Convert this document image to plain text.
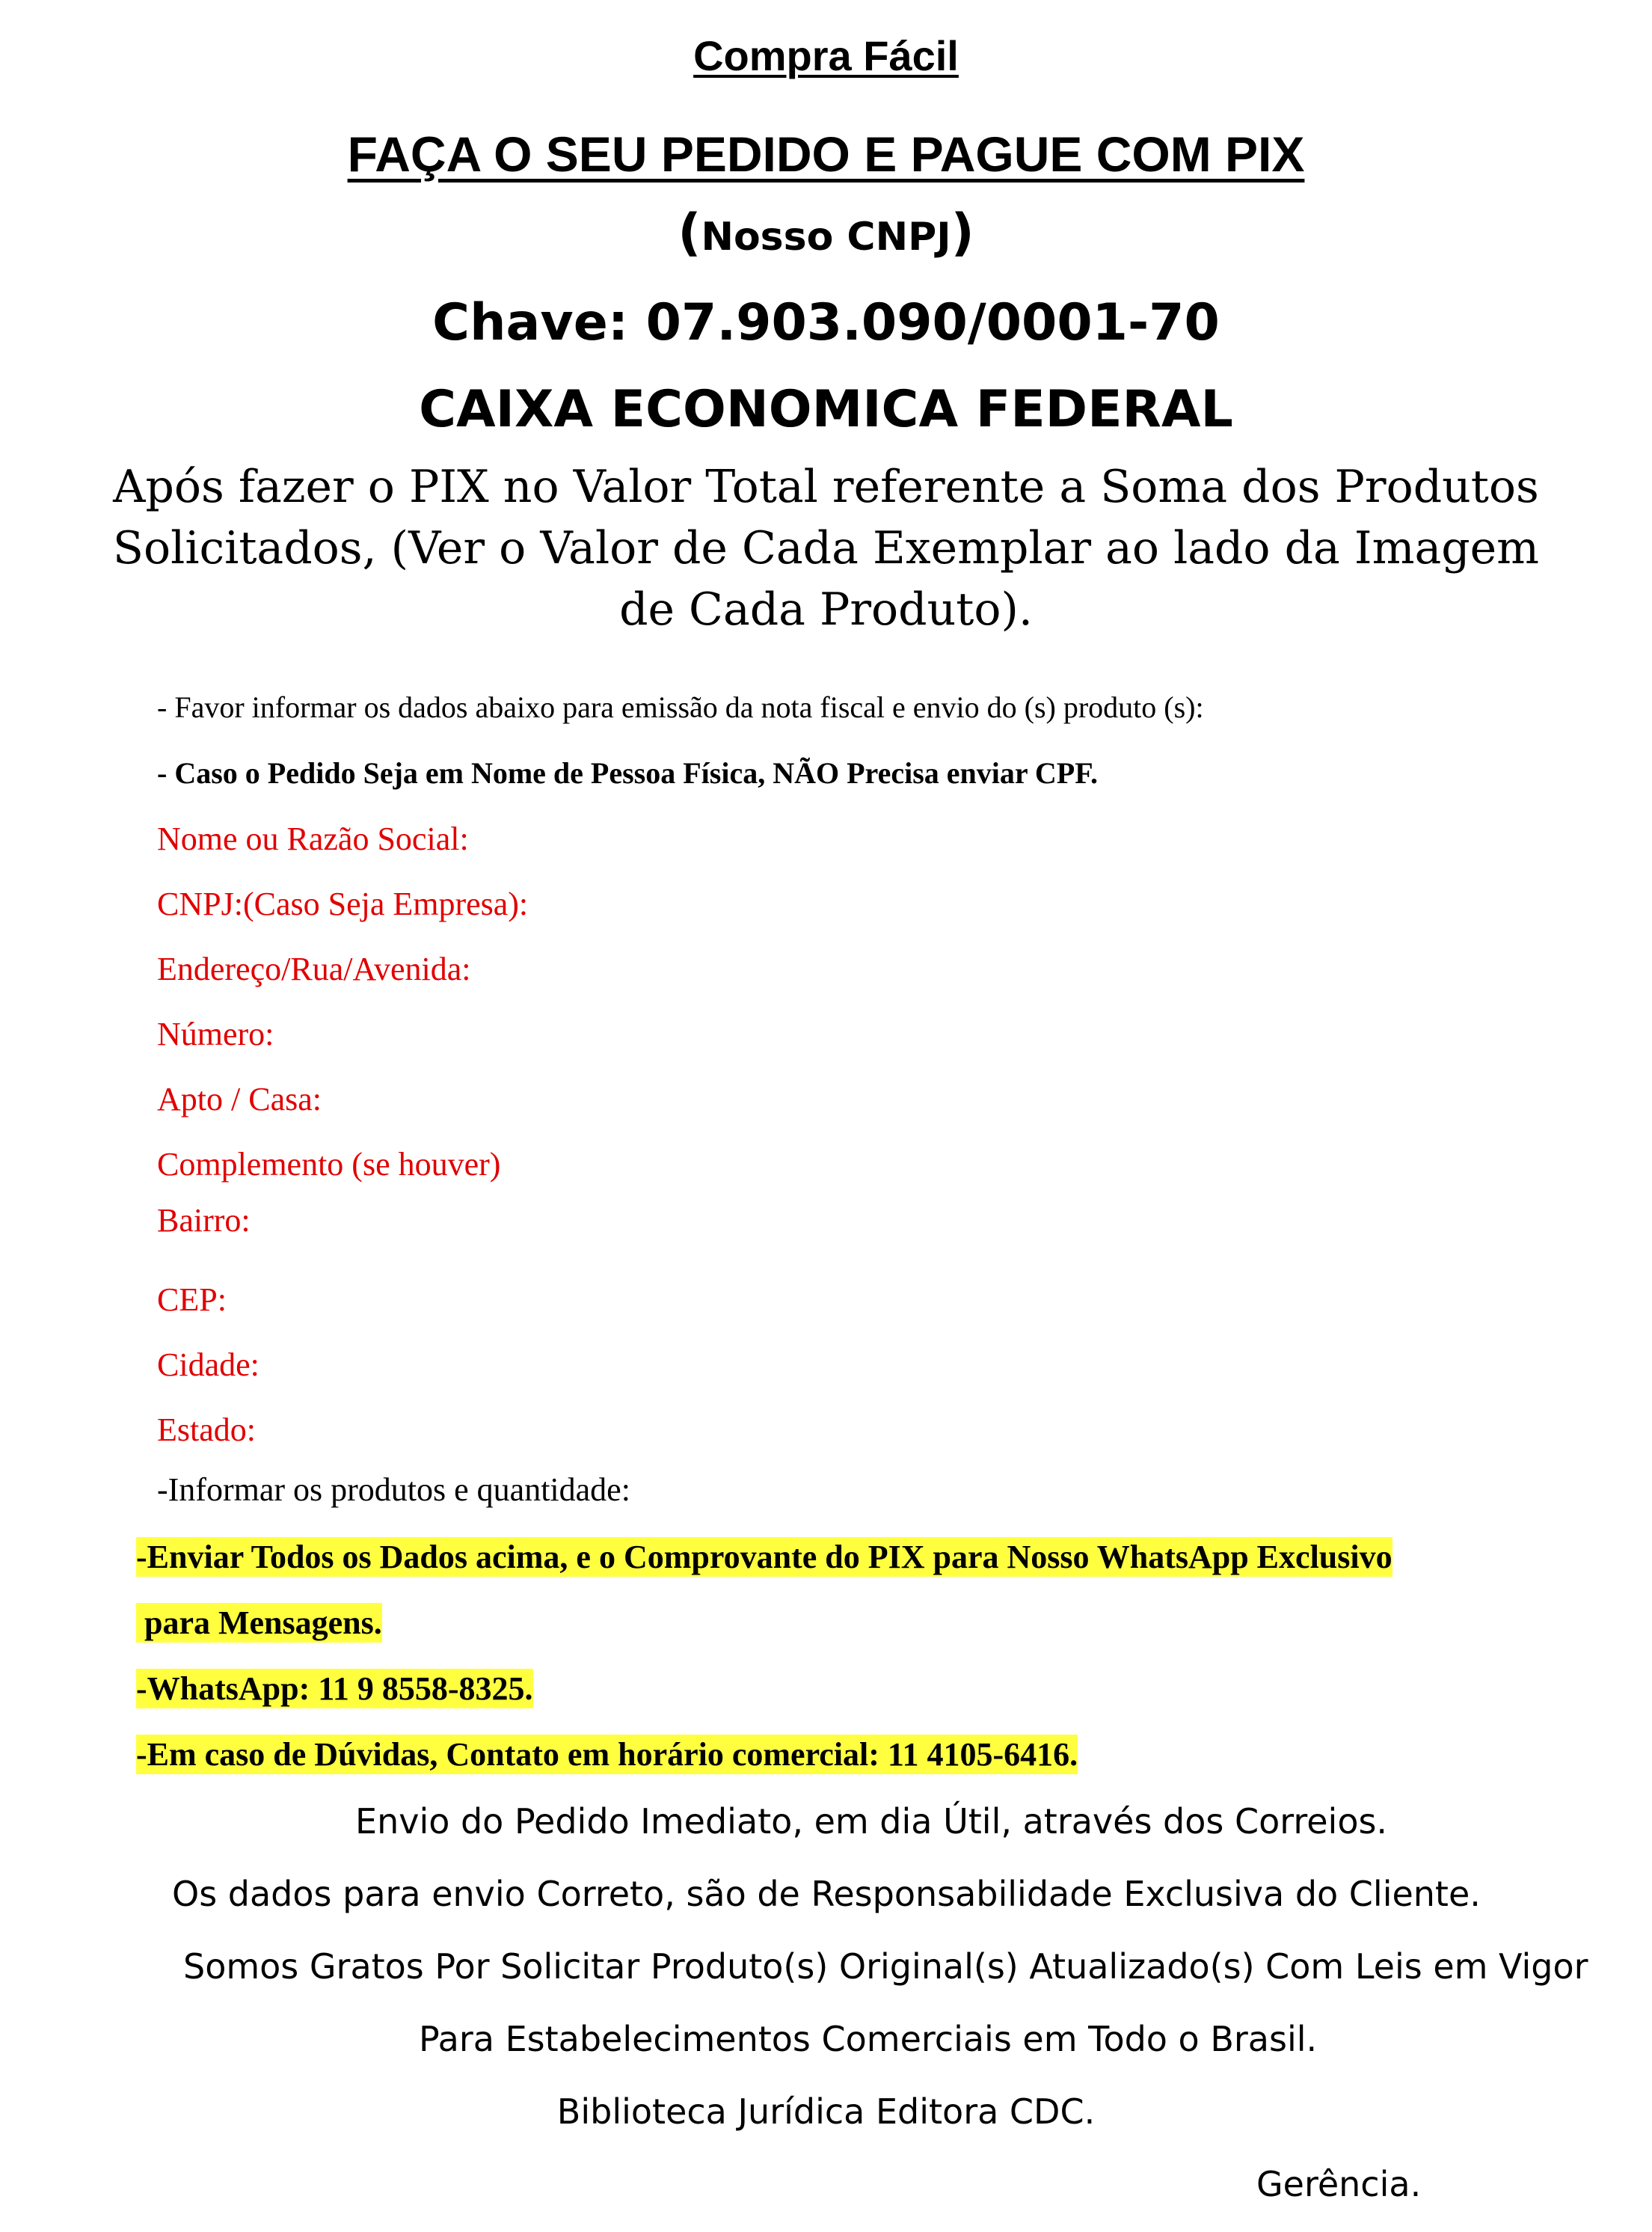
Compra Fácil
FAÇA O SEU PEDIDO E PAGUE COM PIX
(Nosso CNPJ)
Chave: 07.903.090/0001-70
CAIXA ECONOMICA FEDERAL
Após fazer o PIX no Valor Total referente a Soma dos Produtos
Solicitados, (Ver o Valor de Cada Exemplar ao lado da Imagem
de Cada Produto).
- Favor informar os dados abaixo para emissão da nota fiscal e envio do (s) produto (s):
- Caso o Pedido Seja em Nome de Pessoa Física, NÃO Precisa enviar CPF.
Nome ou Razão Social:
CNPJ:(Caso Seja Empresa):
Endereço/Rua/Avenida:
Número:
Apto / Casa:
Complemento (se houver)
Bairro:
CEP:
Cidade:
Estado:
-Informar os produtos e quantidade:
-Enviar Todos os Dados acima, e o Comprovante do PIX para Nosso WhatsApp Exclusivo
para Mensagens.
-WhatsApp: 11 9 8558-8325.
-Em caso de Dúvidas, Contato em horário comercial: 11 4105-6416.
Envio do Pedido Imediato, em dia Útil, através dos Correios.
Os dados para envio Correto, são de Responsabilidade Exclusiva do Cliente.
Somos Gratos Por Solicitar Produto(s) Original(s) Atualizado(s) Com Leis em Vigor
Para Estabelecimentos Comerciais em Todo o Brasil.
Biblioteca Jurídica Editora CDC.
Gerência.
